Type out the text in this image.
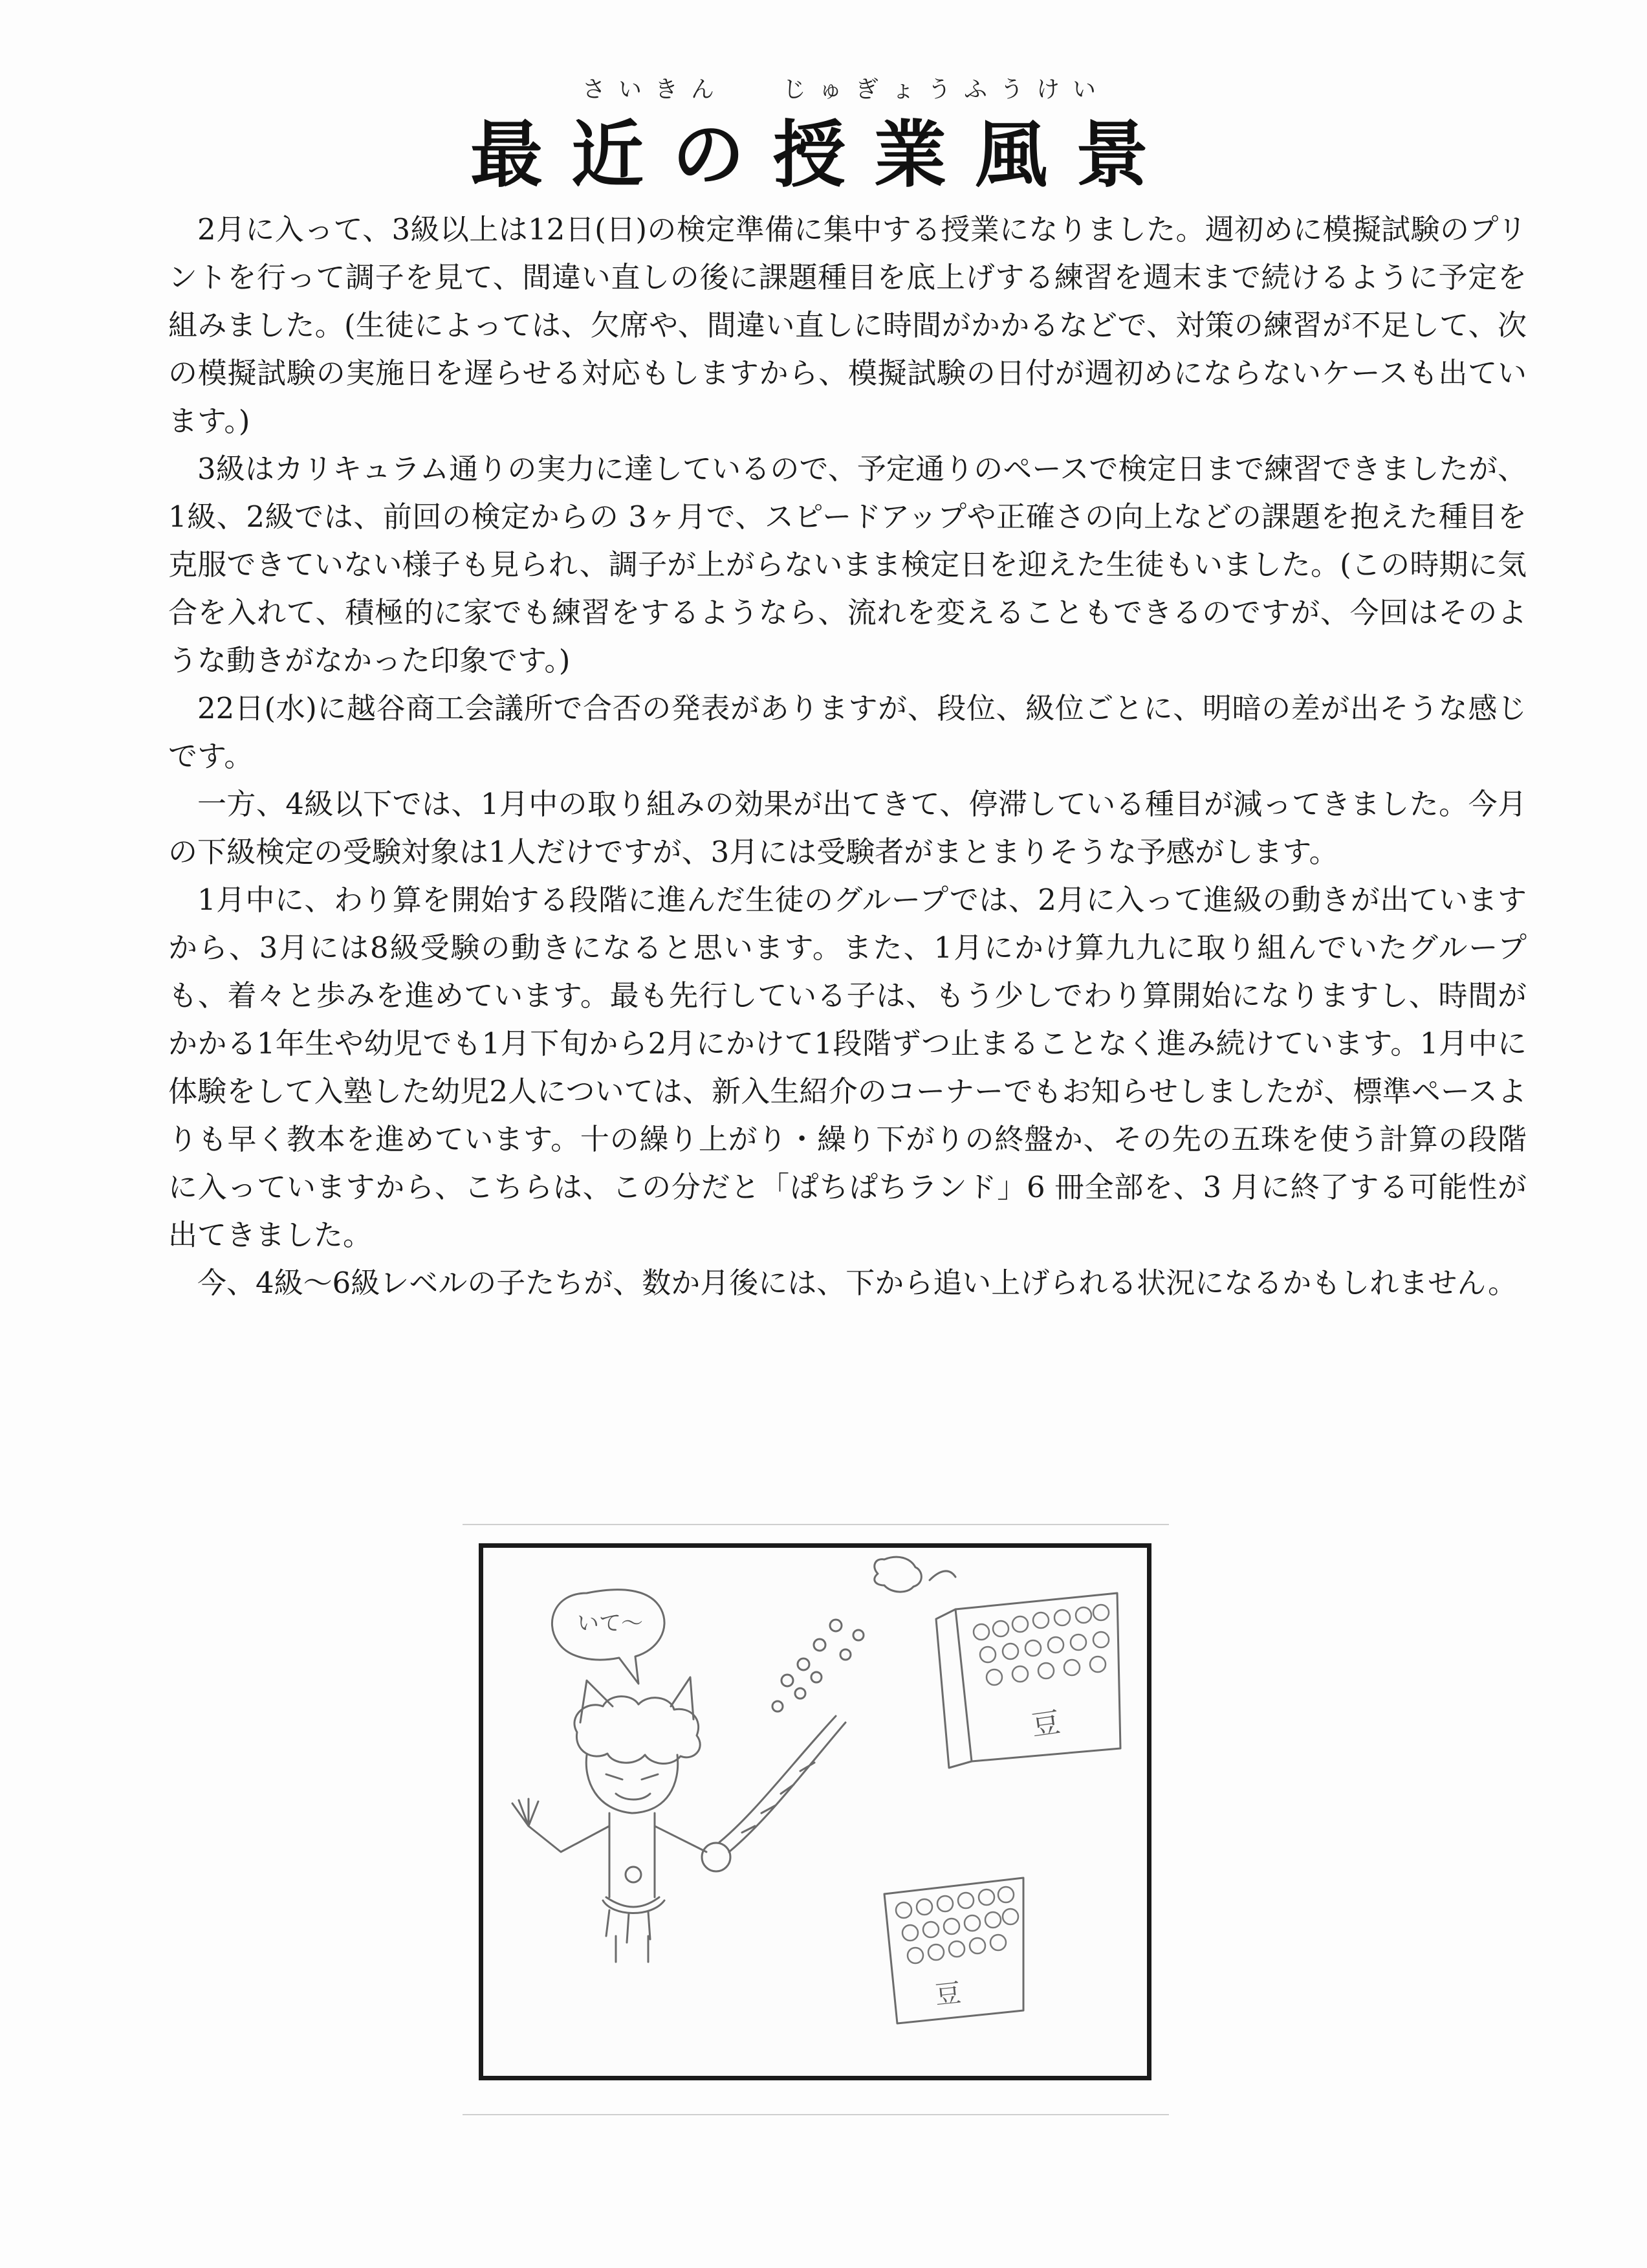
さいきん じゅぎょうふうけい
最近の授業風景

2月に入って、3級以上は12日(日)の検定準備に集中する授業になりました。週初めに模擬試験のプリントを行って調子を見て、間違い直しの後に課題種目を底上げする練習を週末まで続けるように予定を組みました。(生徒によっては、欠席や、間違い直しに時間がかかるなどで、対策の練習が不足して、次の模擬試験の実施日を遅らせる対応もしますから、模擬試験の日付が週初めにならないケースも出ています。)

3級はカリキュラム通りの実力に達しているので、予定通りのペースで検定日まで練習できましたが、1級、2級では、前回の検定からの 3ヶ月で、スピードアップや正確さの向上などの課題を抱えた種目を克服できていない様子も見られ、調子が上がらないまま検定日を迎えた生徒もいました。(この時期に気合を入れて、積極的に家でも練習をするようなら、流れを変えることもできるのですが、今回はそのような動きがなかった印象です。)

22日(水)に越谷商工会議所で合否の発表がありますが、段位、級位ごとに、明暗の差が出そうな感じです。

一方、4級以下では、1月中の取り組みの効果が出てきて、停滞している種目が減ってきました。今月の下級検定の受験対象は1人だけですが、3月には受験者がまとまりそうな予感がします。

1月中に、わり算を開始する段階に進んだ生徒のグループでは、2月に入って進級の動きが出ていますから、3月には8級受験の動きになると思います。また、1月にかけ算九九に取り組んでいたグループも、着々と歩みを進めています。最も先行している子は、もう少しでわり算開始になりますし、時間がかかる1年生や幼児でも1月下旬から2月にかけて1段階ずつ止まることなく進み続けています。1月中に体験をして入塾した幼児2人については、新入生紹介のコーナーでもお知らせしましたが、標準ペースよりも早く教本を進めています。十の繰り上がり・繰り下がりの終盤か、その先の五珠を使う計算の段階に入っていますから、こちらは、この分だと「ぱちぱちランド」6 冊全部を、3 月に終了する可能性が出てきました。

今、4級〜6級レベルの子たちが、数か月後には、下から追い上げられる状況になるかもしれません。

いて〜
豆
豆
